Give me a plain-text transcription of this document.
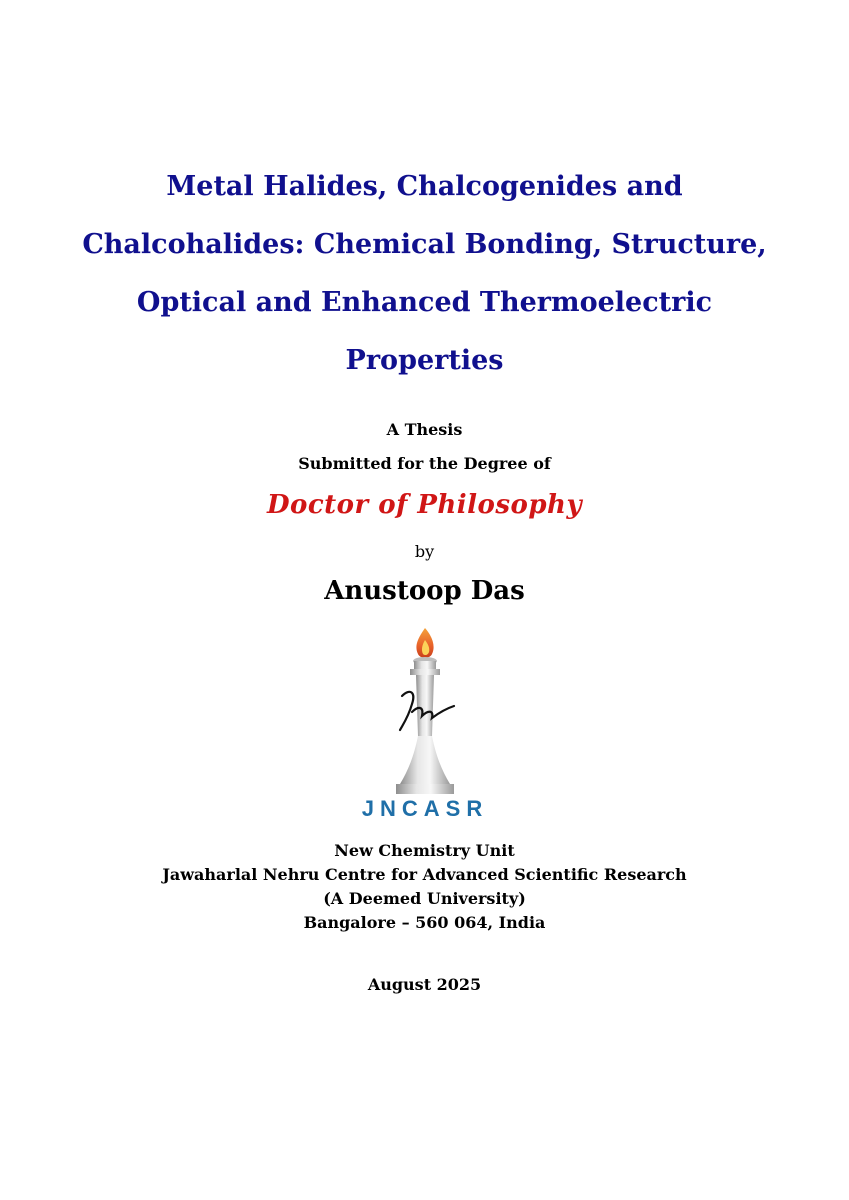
Metal Halides, Chalcogenides and
Chalcohalides: Chemical Bonding, Structure,
Optical and Enhanced Thermoelectric
Properties

A Thesis

Submitted for the Degree of

Doctor of Philosophy

by

Anustoop Das

JNCASR

New Chemistry Unit

Jawaharlal Nehru Centre for Advanced Scientific Research

(A Deemed University)

Bangalore – 560 064, India

August 2025
